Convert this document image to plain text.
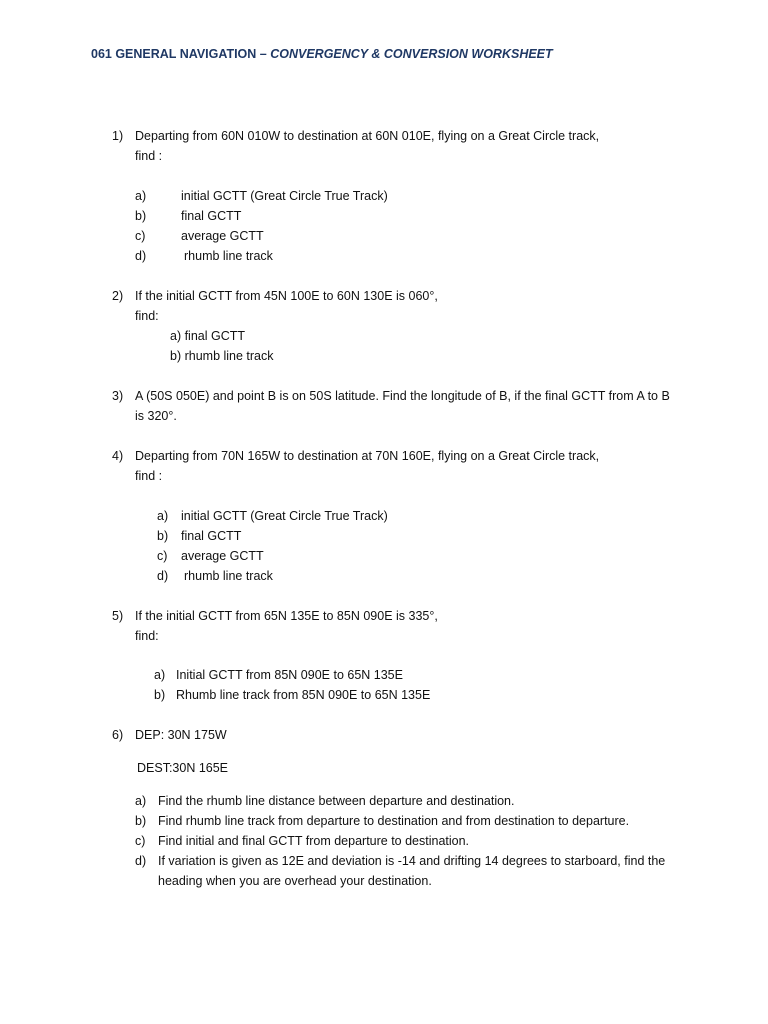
061 GENERAL NAVIGATION – CONVERGENCY & CONVERSION WORKSHEET
1) Departing from 60N 010W to destination at 60N 010E, flying on a Great Circle track,
find :
a)	initial GCTT (Great Circle True Track)
b)	final GCTT
c)	average GCTT
d)	rhumb line track
2) If the initial GCTT from 45N 100E to 60N 130E is 060°,
find:
a) final GCTT
b) rhumb line track
3) A (50S 050E) and point B is on 50S latitude. Find the longitude of B, if the final GCTT from A to B
is 320°.
4) Departing from 70N 165W to destination at 70N 160E, flying on a Great Circle track,
find :
a) initial GCTT (Great Circle True Track)
b) final GCTT
c) average GCTT
d) rhumb line track
5) If the initial GCTT from 65N 135E to 85N 090E is 335°,
find:
a) Initial GCTT from 85N 090E to 65N 135E
b) Rhumb line track from 85N 090E to 65N 135E
6) DEP: 30N 175W
DEST:30N 165E
a) Find the rhumb line distance between departure and destination.
b) Find rhumb line track from departure to destination and from destination to departure.
c) Find initial and final GCTT from departure to destination.
d) If variation is given as 12E and deviation is -14 and drifting 14 degrees to starboard, find the
heading when you are overhead your destination.
